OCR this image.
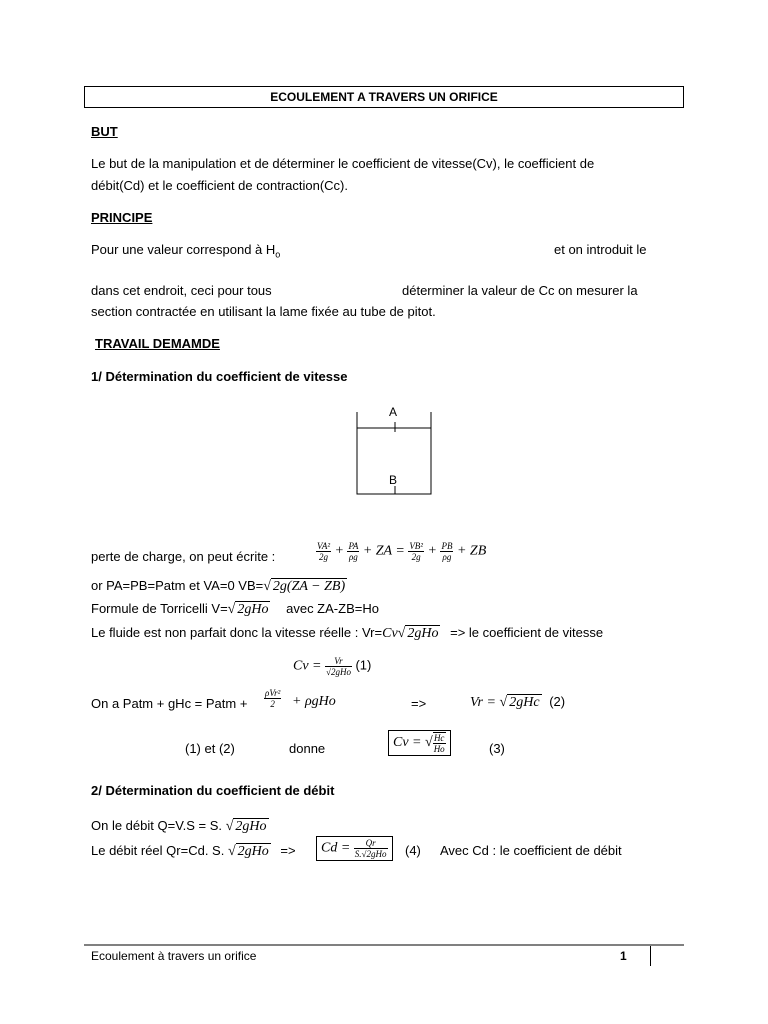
ECOULEMENT A TRAVERS UN ORIFICE
BUT
Le but de la manipulation et de déterminer le coefficient de vitesse(Cv), le coefficient de
débit(Cd) et le coefficient de contraction(Cc).
PRINCIPE
Pour une valeur correspond à $H_o$	et on introduit le
dans cet endroit, ceci pour tous	déterminer la valeur de Cc on mesurer la
section contractée en utilisant la lame fixée au tube de pitot.
TRAVAIL DEMAMDE
1/ Détermination du coefficient de vitesse
A
B
perte de charge, on peut écrite :	$\frac{\text{VA²}}{2g} + \frac{PA}{\rho g}$ + ZA = $\frac{\text{VB²}}{2g} + \frac{PB}{\rho g}$ + ZB
or PA=PB=Patm et VA=0 VB=√ 2g(ZA − ZB)
Formule de Torricelli V=√ 2gHo avec ZA-ZB=Ho
Le fluide est non parfait donc la vitesse réelle : Vr=Cv√ 2gHo => le coefficient de vitesse
$Cv = \frac{Vr}{\text{√2gHo}} (1)$
On a Patm + gHc = Patm + $\frac{\text{ρVr²}}{2} + \rho gHo$	=>	Vr = √ 2gHc (2)
(1) et (2)	donne	Cv = √ $\frac{Hc}{Ho}$	(3)
2/ Détermination du coefficient de débit
On le débit Q=V.S = S. √ 2gHo
Le débit réel Qr=Cd. S. √ 2gHo =>	$Cd = \frac{Qr}{\text{S.√2gHo}} (4)$ Avec Cd : le coefficient de débit
Ecoulement à travers un orifice	1
